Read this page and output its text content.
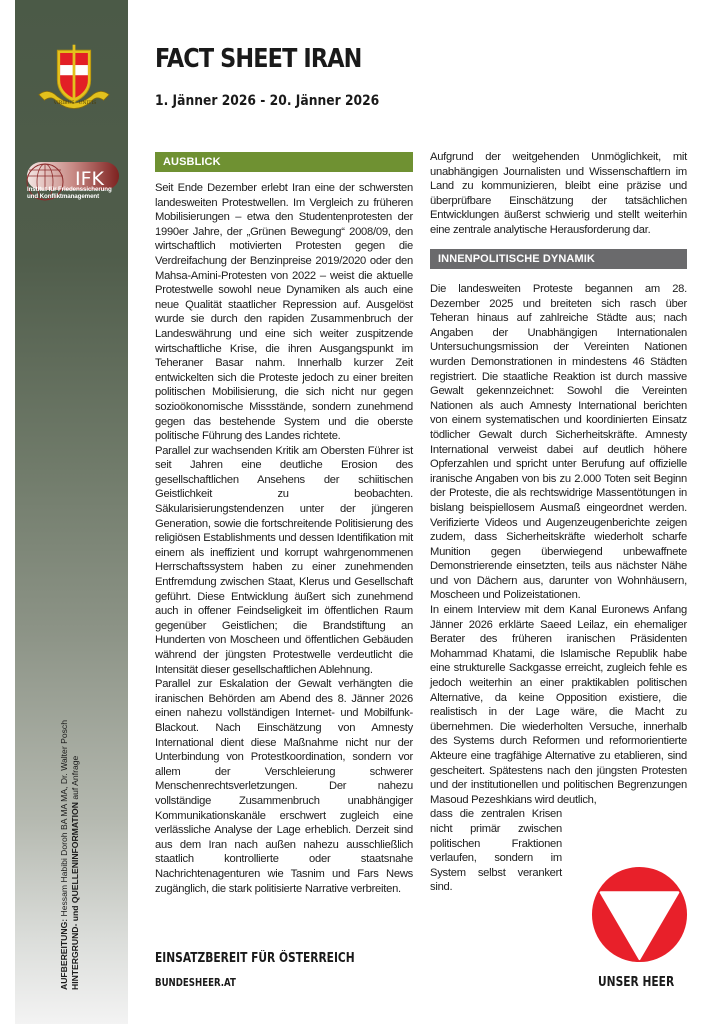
VIRIBUS UNITIS
IFK
Institut für Friedenssicherung
und Konfliktmanagement
AUFBEREITUNG: Hessam Habibi Doroh BA MA MA, Dr. Walter Posch HINTERGRUND- und QUELLENINFORMATION auf Anfrage
FACT SHEET IRAN
1. Jänner 2026 - 20. Jänner 2026
AUSBLICK

Seit Ende Dezember erlebt Iran eine der schwersten landesweiten Protestwellen. Im Vergleich zu früheren Mobilisierungen – etwa den Studentenprotesten der 1990er Jahre, der „Grünen Bewegung“ 2008/09, den wirtschaftlich motivierten Protesten gegen die Verdreifachung der Benzinpreise 2019/2020 oder den Mahsa-Amini-Protesten von 2022 – weist die aktuelle Protestwelle sowohl neue Dynamiken als auch eine neue Qualität staatlicher Repression auf. Ausgelöst wurde sie durch den rapiden Zusammenbruch der Landeswährung und eine sich weiter zuspitzende wirtschaftliche Krise, die ihren Ausgangspunkt im Teheraner Basar nahm. Innerhalb kurzer Zeit entwickelten sich die Proteste jedoch zu einer breiten politischen Mobilisierung, die sich nicht nur gegen sozioökonomische Missstände, sondern zunehmend gegen das bestehende System und die oberste politische Führung des Landes richtete.

Parallel zur wachsenden Kritik am Obersten Führer ist seit Jahren eine deutliche Erosion des gesellschaftlichen Ansehens der schiitischen Geistlichkeit zu beobachten. Säkularisierungstendenzen unter der jüngeren Generation, sowie die fortschreitende Politisierung des religiösen Establishments und dessen Identifikation mit einem als ineffizient und korrupt wahrgenommenen Herrschaftssystem haben zu einer zunehmenden Entfremdung zwischen Staat, Klerus und Gesellschaft geführt. Diese Entwicklung äußert sich zunehmend auch in offener Feindseligkeit im öffentlichen Raum gegenüber Geistlichen; die Brandstiftung an Hunderten von Moscheen und öffentlichen Gebäuden während der jüngsten Protestwelle verdeutlicht die Intensität dieser gesellschaftlichen Ablehnung.

Parallel zur Eskalation der Gewalt verhängten die iranischen Behörden am Abend des 8. Jänner 2026 einen nahezu vollständigen Internet- und Mobilfunk-Blackout. Nach Einschätzung von Amnesty International dient diese Maßnahme nicht nur der Unterbindung von Protestkoordination, sondern vor allem der Verschleierung schwerer Menschenrechtsverletzungen. Der nahezu vollständige Zusammenbruch unabhängiger Kommunikationskanäle erschwert zugleich eine verlässliche Analyse der Lage erheblich. Derzeit sind aus dem Iran nach außen nahezu ausschließlich staatlich kontrollierte oder staatsnahe Nachrichtenagenturen wie Tasnim und Fars News zugänglich, die stark politisierte Narrative verbreiten.

Aufgrund der weitgehenden Unmöglichkeit, mit unabhängigen Journalisten und Wissenschaftlern im Land zu kommunizieren, bleibt eine präzise und überprüfbare Einschätzung der tatsächlichen Entwicklungen äußerst schwierig und stellt weiterhin eine zentrale analytische Herausforderung dar.

INNENPOLITISCHE DYNAMIK

Die landesweiten Proteste begannen am 28. Dezember 2025 und breiteten sich rasch über Teheran hinaus auf zahlreiche Städte aus; nach Angaben der Unabhängigen Internationalen Untersuchungsmission der Vereinten Nationen wurden Demonstrationen in mindestens 46 Städten registriert. Die staatliche Reaktion ist durch massive Gewalt gekennzeichnet: Sowohl die Vereinten Nationen als auch Amnesty International berichten von einem systematischen und koordinierten Einsatz tödlicher Gewalt durch Sicherheitskräfte. Amnesty International verweist dabei auf deutlich höhere Opferzahlen und spricht unter Berufung auf offizielle iranische Angaben von bis zu 2.000 Toten seit Beginn der Proteste, die als rechtswidrige Massentötungen in bislang beispiellosem Ausmaß eingeordnet werden. Verifizierte Videos und Augenzeugenberichte zeigen zudem, dass Sicherheitskräfte wiederholt scharfe Munition gegen überwiegend unbewaffnete Demonstrierende einsetzten, teils aus nächster Nähe und von Dächern aus, darunter von Wohnhäusern, Moscheen und Polizeistationen.

In einem Interview mit dem Kanal Euronews Anfang Jänner 2026 erklärte Saeed Leilaz, ein ehemaliger Berater des früheren iranischen Präsidenten Mohammad Khatami, die Islamische Republik habe eine strukturelle Sackgasse erreicht, zugleich fehle es jedoch weiterhin an einer praktikablen politischen Alternative, da keine Opposition existiere, die realistisch in der Lage wäre, die Macht zu übernehmen. Die wiederholten Versuche, innerhalb des Systems durch Reformen und reformorientierte Akteure eine tragfähige Alternative zu etablieren, sind gescheitert. Spätestens nach den jüngsten Protesten und der institutionellen und politischen Begrenzungen Masoud Pezeshkians wird deutlich,

dass die zentralen Krisen nicht primär zwischen politischen Fraktionen verlaufen, sondern im System selbst verankert sind.
EINSATZBEREIT FÜR ÖSTERREICH
BUNDESHEER.AT	UNSER HEER
